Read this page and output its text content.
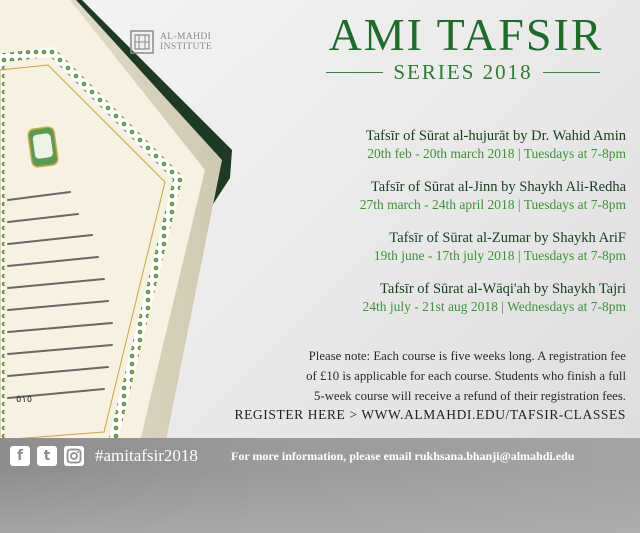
٥١٥
AL-MAHDI
INSTITUTE	AMI TAFSIR
SERIES 2018
Tafsīr of Sūrat al-hujurāt by Dr. Wahid Amin
20th feb - 20th march 2018 | Tuesdays at 7-8pm
Tafsīr of Sūrat al-Jinn by Shaykh Ali-Redha
27th march - 24th april 2018 | Tuesdays at 7-8pm
Tafsīr of Sūrat al-Zumar by Shaykh AriF
19th june - 17th july 2018 | Tuesdays at 7-8pm
Tafsīr of Sūrat al-Wāqi'ah by Shaykh Tajri
24th july - 21st aug 2018 | Wednesdays at 7-8pm
Please note: Each course is five weeks long. A registration fee
of £10 is applicable for each course. Students who finish a full
5-week course will receive a refund of their registration fees.
REGISTER HERE > WWW.ALMAHDI.EDU/TAFSIR-CLASSES
f	t	#amitafsir2018	For more information, please email rukhsana.bhanji@almahdi.edu
